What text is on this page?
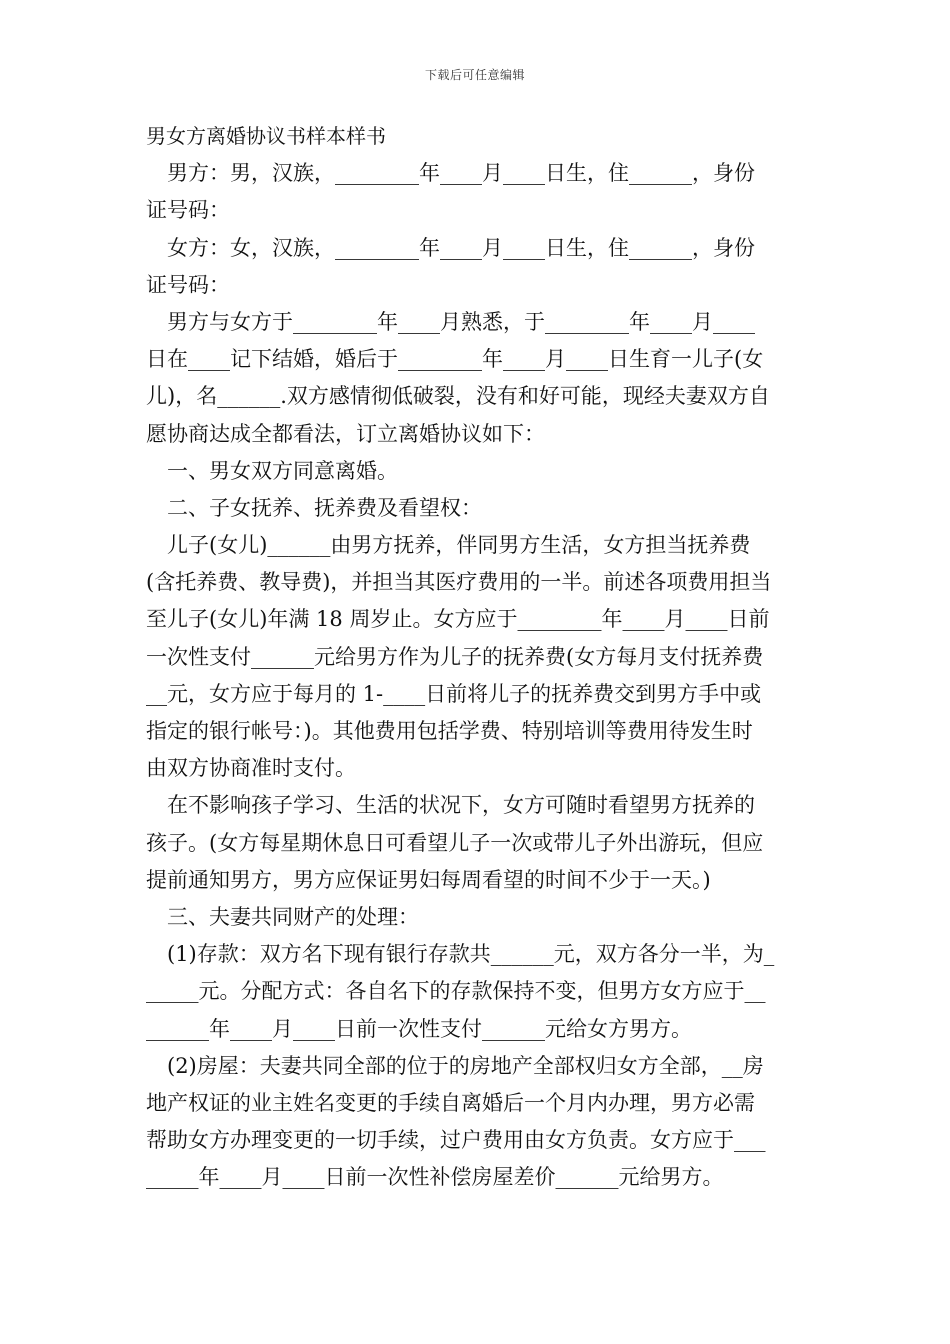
下载后可任意编辑
男女方离婚协议书样本样书
　男方：男，汉族，________年____月____日生，住______，身份
证号码：
　女方：女，汉族，________年____月____日生，住______，身份
证号码：
　男方与女方于________年____月熟悉，于________年____月____
日在____记下结婚，婚后于________年____月____日生育一儿子(女
儿)，名______.双方感情彻低破裂，没有和好可能，现经夫妻双方自
愿协商达成全都看法，订立离婚协议如下：
　一、男女双方同意离婚。
　二、子女抚养、抚养费及看望权：
　儿子(女儿)______由男方抚养，伴同男方生活，女方担当抚养费
(含托养费、教导费)，并担当其医疗费用的一半。前述各项费用担当
至儿子(女儿)年满 18 周岁止。女方应于________年____月____日前
一次性支付______元给男方作为儿子的抚养费(女方每月支付抚养费
__元，女方应于每月的 1-____日前将儿子的抚养费交到男方手中或
指定的银行帐号：)。其他费用包括学费、特别培训等费用待发生时
由双方协商准时支付。
　在不影响孩子学习、生活的状况下，女方可随时看望男方抚养的
孩子。(女方每星期休息日可看望儿子一次或带儿子外出游玩，但应
提前通知男方，男方应保证男妇每周看望的时间不少于一天。)
　三、夫妻共同财产的处理：
　(1)存款：双方名下现有银行存款共______元，双方各分一半，为_
_____元。分配方式：各自名下的存款保持不变，但男方女方应于__
______年____月____日前一次性支付______元给女方男方。
　(2)房屋：夫妻共同全部的位于的房地产全部权归女方全部，__房
地产权证的业主姓名变更的手续自离婚后一个月内办理，男方必需
帮助女方办理变更的一切手续，过户费用由女方负责。女方应于___
_____年____月____日前一次性补偿房屋差价______元给男方。
